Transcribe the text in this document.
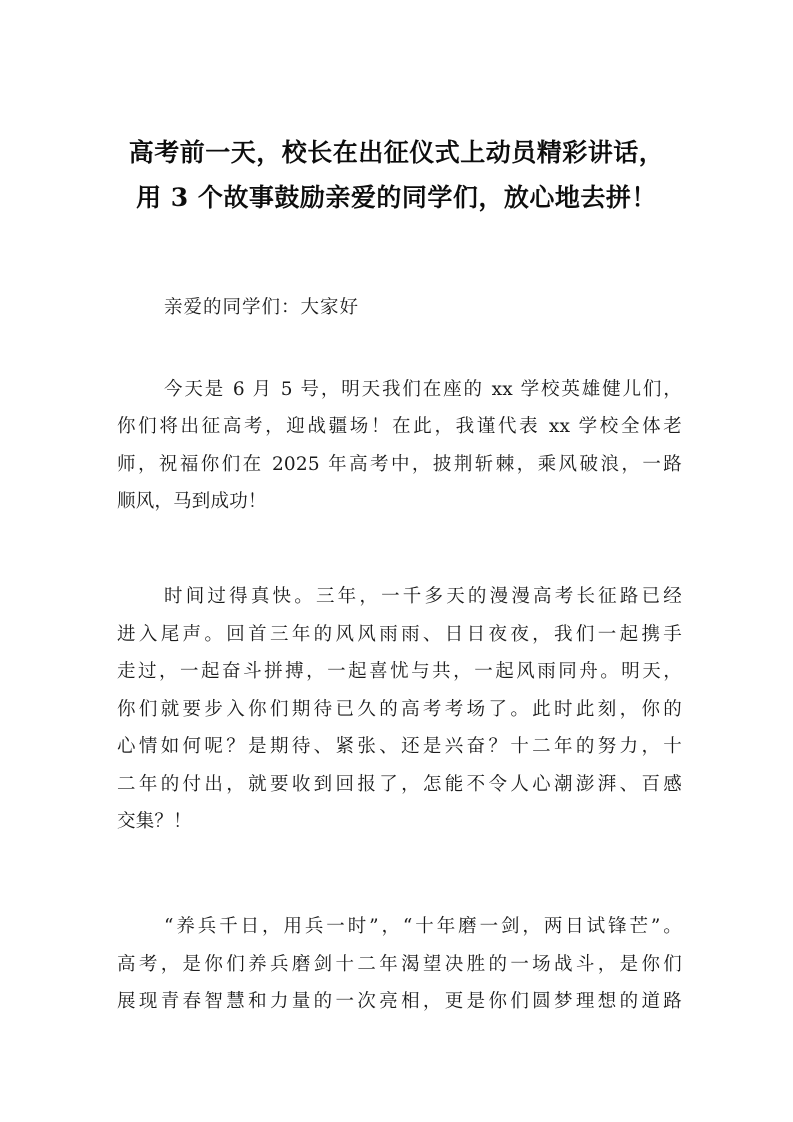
高考前一天，校长在出征仪式上动员精彩讲话，
用 3 个故事鼓励亲爱的同学们，放心地去拼！
亲爱的同学们：大家好
今天是 6 月 5 号，明天我们在座的 xx 学校英雄健儿们，
你们将出征高考，迎战疆场！在此，我谨代表 xx 学校全体老
师，祝福你们在 2025 年高考中，披荆斩棘，乘风破浪，一路
顺风，马到成功！
时间过得真快。三年，一千多天的漫漫高考长征路已经
进入尾声。回首三年的风风雨雨、日日夜夜，我们一起携手
走过，一起奋斗拼搏，一起喜忧与共，一起风雨同舟。明天，
你们就要步入你们期待已久的高考考场了。此时此刻，你的
心情如何呢？是期待、紧张、还是兴奋？十二年的努力，十
二年的付出，就要收到回报了，怎能不令人心潮澎湃、百感
交集？！
“养兵千日，用兵一时”，“十年磨一剑，两日试锋芒”。
高考，是你们养兵磨剑十二年渴望决胜的一场战斗，是你们
展现青春智慧和力量的一次亮相，更是你们圆梦理想的道路
